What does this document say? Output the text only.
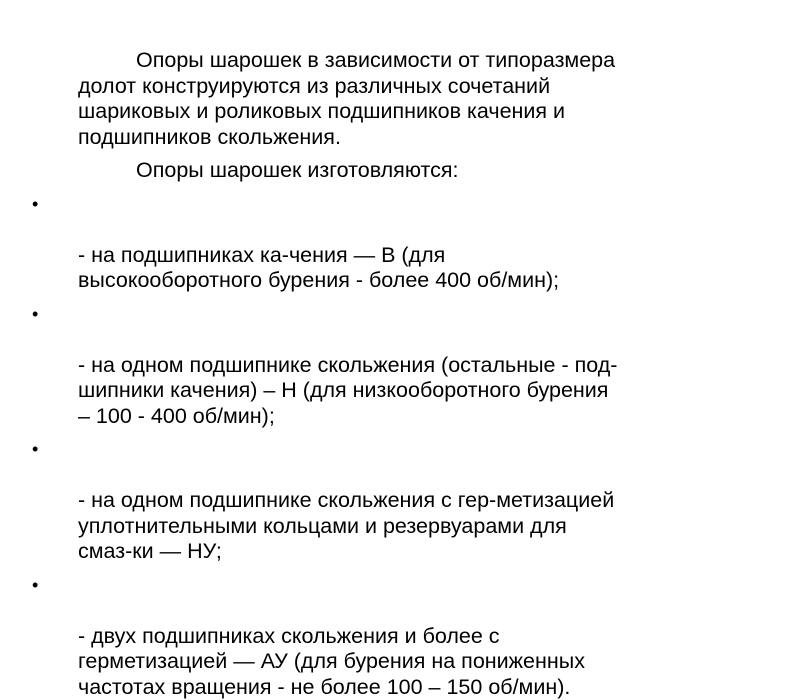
Опоры шарошек в зависимости от типоразмера
долот конструируются из различных сочетаний
шариковых и роликовых подшипников качения и
подшипников скольжения.

Опоры шарошек изготовляются:

•

- на подшипниках ка-чения — В (для
высокооборотного бурения - более 400 об/мин);

•

- на одном подшипнике скольжения (остальные - под-
шипники качения) – Н (для низкооборотного бурения
– 100 - 400 об/мин);

•

- на одном подшипнике скольжения с гер-метизацией
уплотнительными кольцами и резервуарами для
смаз-ки — НУ;

•

- двух подшипниках скольжения и более с
герметизацией — АУ (для бурения на пониженных
частотах вращения - не более 100 – 150 об/мин).
